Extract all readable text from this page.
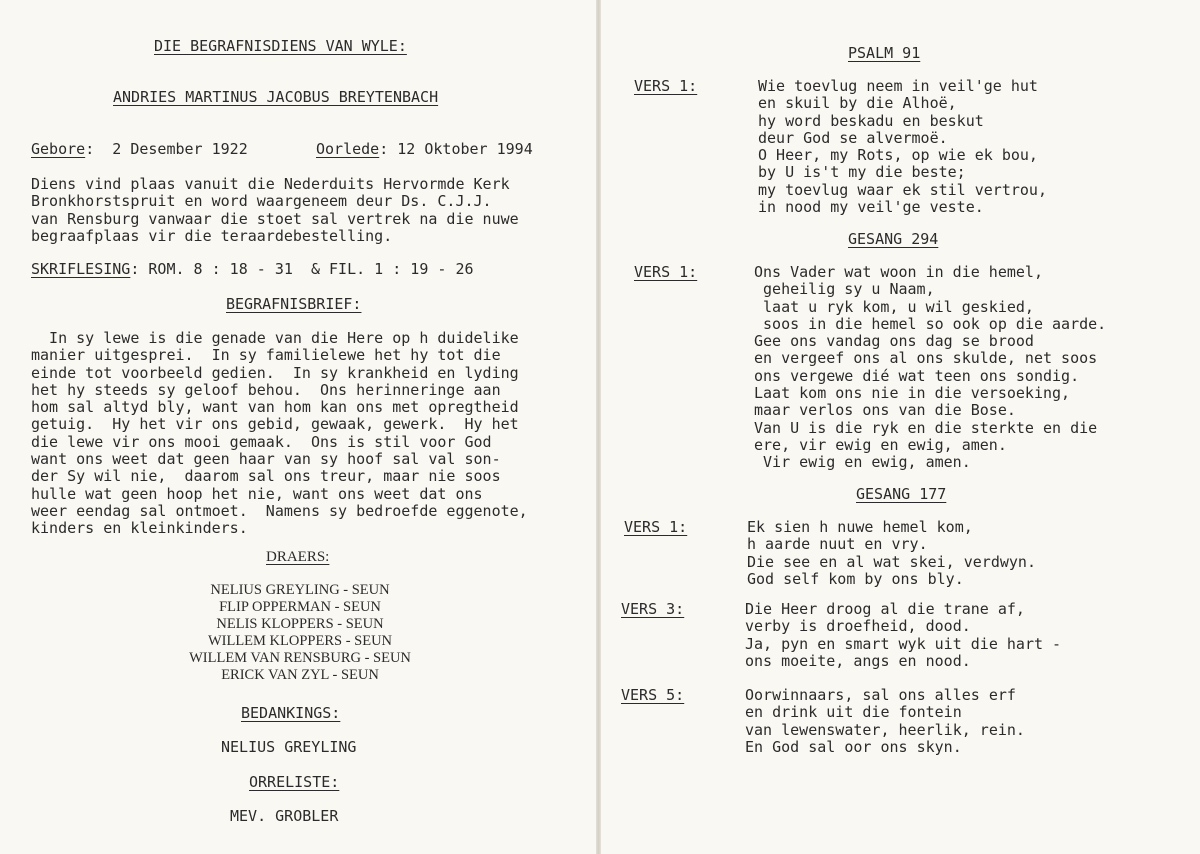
DIE BEGRAFNISDIENS VAN WYLE:
ANDRIES MARTINUS JACOBUS BREYTENBACH
Gebore:  2 Desember 1922	Oorlede: 12 Oktober 1994
Diens vind plaas vanuit die Nederduits Hervormde Kerk
Bronkhorstspruit en word waargeneem deur Ds. C.J.J.
van Rensburg vanwaar die stoet sal vertrek na die nuwe
begraafplaas vir die teraardebestelling.
SKRIFLESING: ROM. 8 : 18 - 31  & FIL. 1 : 19 - 26
BEGRAFNISBRIEF:
In sy lewe is die genade van die Here op h duidelike
manier uitgesprei.  In sy familielewe het hy tot die
einde tot voorbeeld gedien.  In sy krankheid en lyding
het hy steeds sy geloof behou.  Ons herinneringe aan
hom sal altyd bly, want van hom kan ons met opregtheid
getuig.  Hy het vir ons gebid, gewaak, gewerk.  Hy het
die lewe vir ons mooi gemaak.  Ons is stil voor God
want ons weet dat geen haar van sy hoof sal val son-
der Sy wil nie,  daarom sal ons treur, maar nie soos
hulle wat geen hoop het nie, want ons weet dat ons
weer eendag sal ontmoet.  Namens sy bedroefde eggenote,
kinders en kleinkinders.
DRAERS:
NELIUS GREYLING - SEUN
FLIP OPPERMAN - SEUN
NELIS KLOPPERS - SEUN
WILLEM KLOPPERS - SEUN
WILLEM VAN RENSBURG - SEUN
ERICK VAN ZYL - SEUN
BEDANKINGS:
NELIUS GREYLING
ORRELISTE:
MEV. GROBLER
PSALM 91
VERS 1:	Wie toevlug neem in veil'ge hut
en skuil by die Alhoë,
hy word beskadu en beskut
deur God se alvermoë.
O Heer, my Rots, op wie ek bou,
by U is't my die beste;
my toevlug waar ek stil vertrou,
in nood my veil'ge veste.
GESANG 294
VERS 1:	Ons Vader wat woon in die hemel,
geheilig sy u Naam,
laat u ryk kom, u wil geskied,
soos in die hemel so ook op die aarde.
Gee ons vandag ons dag se brood
en vergeef ons al ons skulde, net soos
ons vergewe dié wat teen ons sondig.
Laat kom ons nie in die versoeking,
maar verlos ons van die Bose.
Van U is die ryk en die sterkte en die
ere, vir ewig en ewig, amen.
Vir ewig en ewig, amen.
GESANG 177
VERS 1:	Ek sien h nuwe hemel kom,
h aarde nuut en vry.
Die see en al wat skei, verdwyn.
God self kom by ons bly.
VERS 3:	Die Heer droog al die trane af,
verby is droefheid, dood.
Ja, pyn en smart wyk uit die hart -
ons moeite, angs en nood.
VERS 5:	Oorwinnaars, sal ons alles erf
en drink uit die fontein
van lewenswater, heerlik, rein.
En God sal oor ons skyn.
